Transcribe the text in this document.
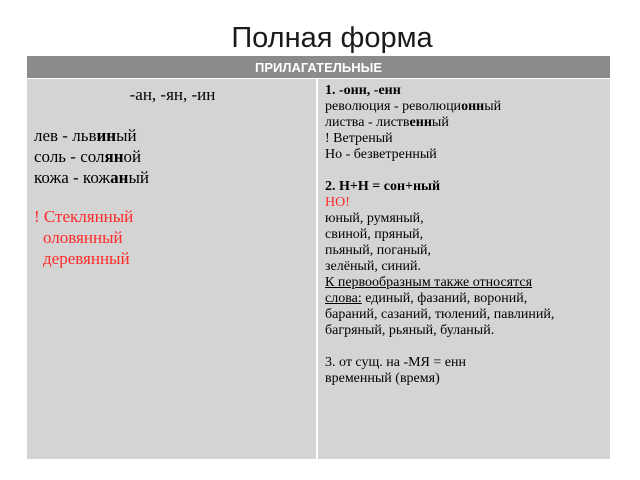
Полная форма
ПРИЛАГАТЕЛЬНЫЕ
-ан, -ян, -ин
лев - львиный
соль - соляной
кожа - кожаный
! Стеклянный
оловянный
деревянный
1. -онн, -енн
революция - революционный
листва - лиственный
! Ветреный
Но - безветренный
2. Н+Н = сон+ный
НО!
юный, румяный,
свиной, пряный,
пьяный, поганый,
зелёный, синий.
К первообразным также относятся
слова: единый, фазаний, вороний,
бараний, сазаний, тюлений, павлиний,
багряный, рьяный, буланый.
3. от сущ. на -МЯ = енн
временный (время)
